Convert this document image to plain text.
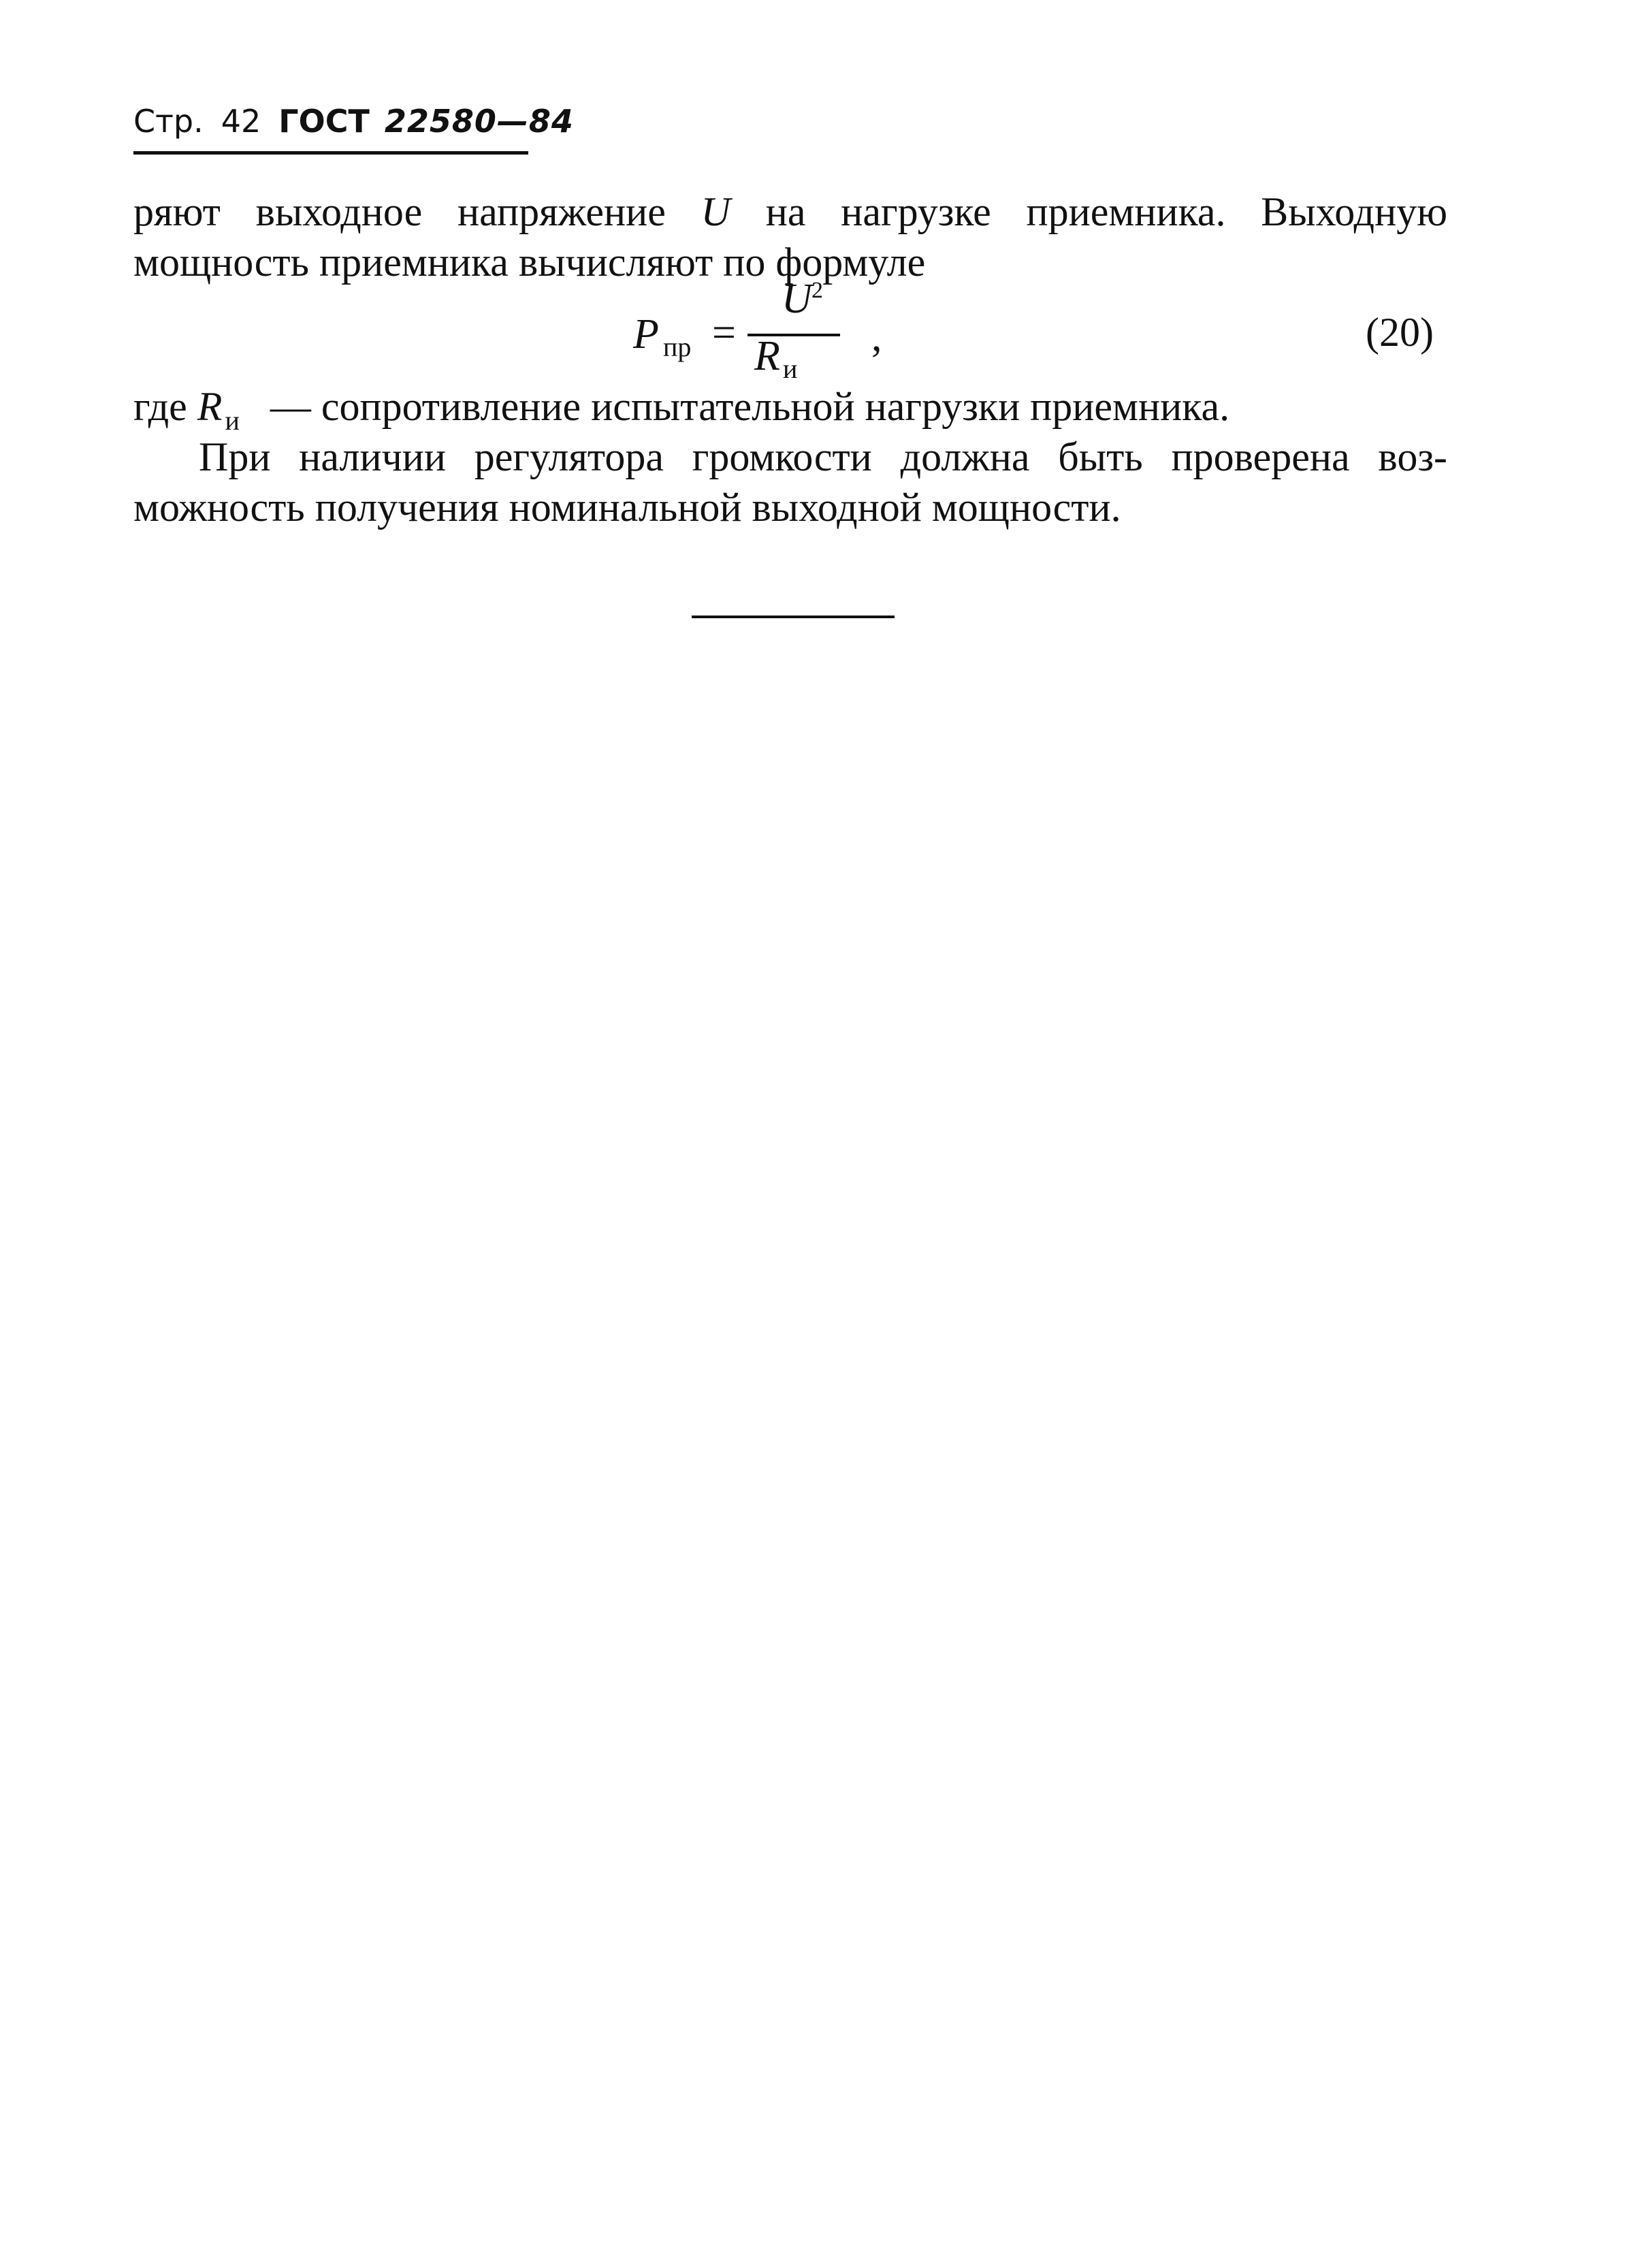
Стр. 42 ГОСТ 22580—84
ряют выходное напряжение U на нагрузке приемника. Выходную
мощность приемника вычисляют по формуле
P пр =
U 2
R и
,	(20)
где R $_и$ — сопротивление испытательной нагрузки приемника.
При наличии регулятора громкости должна быть проверена воз-
можность получения номинальной выходной мощности.
